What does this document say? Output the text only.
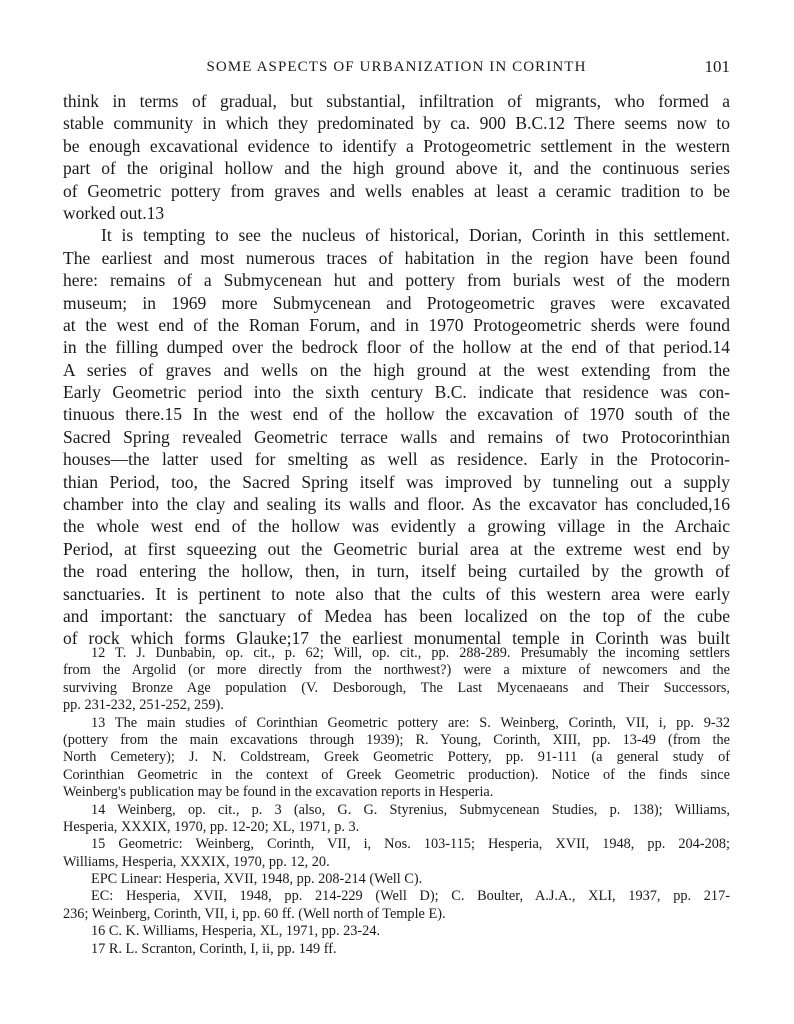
SOME ASPECTS OF URBANIZATION IN CORINTH	101
think in terms of gradual, but substantial, infiltration of migrants, who formed a
stable community in which they predominated by ca. 900 B.C.12 There seems now to
be enough excavational evidence to identify a Protogeometric settlement in the western
part of the original hollow and the high ground above it, and the continuous series
of Geometric pottery from graves and wells enables at least a ceramic tradition to be
worked out.13
It is tempting to see the nucleus of historical, Dorian, Corinth in this settlement.
The earliest and most numerous traces of habitation in the region have been found
here: remains of a Submycenean hut and pottery from burials west of the modern
museum; in 1969 more Submycenean and Protogeometric graves were excavated
at the west end of the Roman Forum, and in 1970 Protogeometric sherds were found
in the filling dumped over the bedrock floor of the hollow at the end of that period.14
A series of graves and wells on the high ground at the west extending from the
Early Geometric period into the sixth century B.C. indicate that residence was con-
tinuous there.15 In the west end of the hollow the excavation of 1970 south of the
Sacred Spring revealed Geometric terrace walls and remains of two Protocorinthian
houses—the latter used for smelting as well as residence. Early in the Protocorin-
thian Period, too, the Sacred Spring itself was improved by tunneling out a supply
chamber into the clay and sealing its walls and floor. As the excavator has concluded,16
the whole west end of the hollow was evidently a growing village in the Archaic
Period, at first squeezing out the Geometric burial area at the extreme west end by
the road entering the hollow, then, in turn, itself being curtailed by the growth of
sanctuaries. It is pertinent to note also that the cults of this western area were early
and important: the sanctuary of Medea has been localized on the top of the cube
of rock which forms Glauke;17 the earliest monumental temple in Corinth was built
12 T. J. Dunbabin, op. cit., p. 62; Will, op. cit., pp. 288-289. Presumably the incoming settlers
from the Argolid (or more directly from the northwest?) were a mixture of newcomers and the
surviving Bronze Age population (V. Desborough, The Last Mycenaeans and Their Successors,
pp. 231-232, 251-252, 259).
13 The main studies of Corinthian Geometric pottery are: S. Weinberg, Corinth, VII, i, pp. 9-32
(pottery from the main excavations through 1939); R. Young, Corinth, XIII, pp. 13-49 (from the
North Cemetery); J. N. Coldstream, Greek Geometric Pottery, pp. 91-111 (a general study of
Corinthian Geometric in the context of Greek Geometric production). Notice of the finds since
Weinberg's publication may be found in the excavation reports in Hesperia.
14 Weinberg, op. cit., p. 3 (also, G. G. Styrenius, Submycenean Studies, p. 138); Williams,
Hesperia, XXXIX, 1970, pp. 12-20; XL, 1971, p. 3.
15 Geometric: Weinberg, Corinth, VII, i, Nos. 103-115; Hesperia, XVII, 1948, pp. 204-208;
Williams, Hesperia, XXXIX, 1970, pp. 12, 20.
EPC Linear: Hesperia, XVII, 1948, pp. 208-214 (Well C).
EC: Hesperia, XVII, 1948, pp. 214-229 (Well D); C. Boulter, A.J.A., XLI, 1937, pp. 217-
236; Weinberg, Corinth, VII, i, pp. 60 ff. (Well north of Temple E).
16 C. K. Williams, Hesperia, XL, 1971, pp. 23-24.
17 R. L. Scranton, Corinth, I, ii, pp. 149 ff.
